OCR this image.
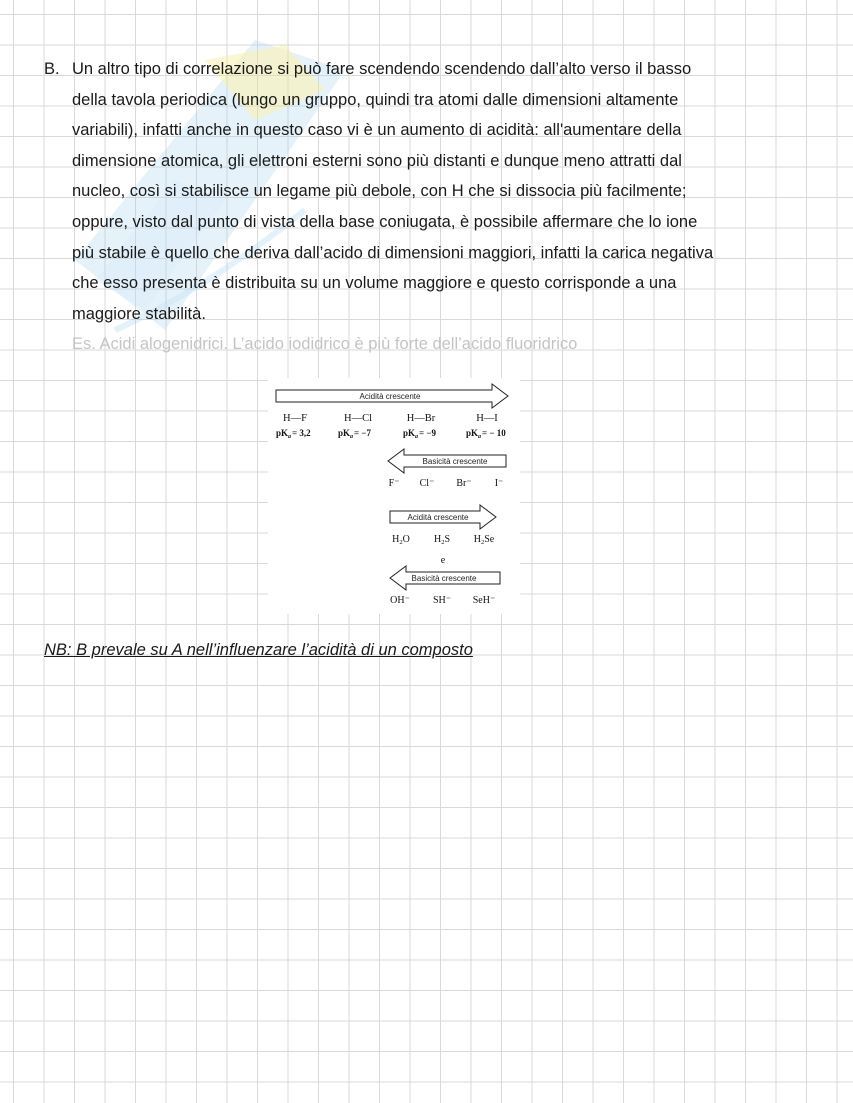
B. Un altro tipo di correlazione si può fare scendendo scendendo dall’alto verso il basso
della tavola periodica (lungo un gruppo, quindi tra atomi dalle dimensioni altamente
variabili), infatti anche in questo caso vi è un aumento di acidità: all'aumentare della
dimensione atomica, gli elettroni esterni sono più distanti e dunque meno attratti dal
nucleo, così si stabilisce un legame più debole, con H che si dissocia più facilmente;
oppure, visto dal punto di vista della base coniugata, è possibile affermare che lo ione
più stabile è quello che deriva dall’acido di dimensioni maggiori, infatti la carica negativa
che esso presenta è distribuita su un volume maggiore e questo corrisponde a una
maggiore stabilità.
Es. Acidi alogenidrici. L’acido iodidrico è più forte dell’acido fluoridrico
Acidità crescente
H—F	H—Cl	H—Br	H—I
$pK_a= 3,2$	$pK_a= -7$	$pK_a= -9$	$pK_a= - 10$
Basicità crescente
F⁻ Cl⁻ Br⁻ I⁻
Acidità crescente
$H_2O$ $H_2S$ $H_2Se$
e
Basicità crescente
OH⁻ SH⁻ SeH⁻
NB: B prevale su A nell’influenzare l’acidità di un composto
